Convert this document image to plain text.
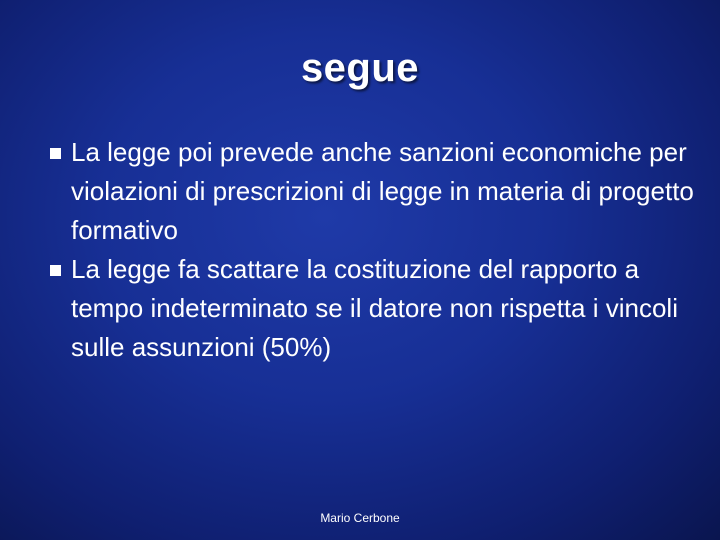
segue
La legge poi prevede anche sanzioni economiche per violazioni di prescrizioni di legge in materia di progetto formativo
La legge fa scattare la costituzione del rapporto a tempo indeterminato se il datore non rispetta i vincoli sulle assunzioni (50%)
Mario Cerbone
